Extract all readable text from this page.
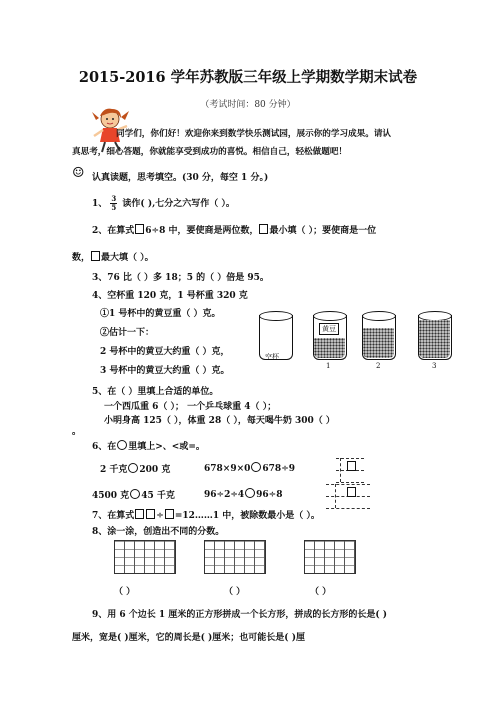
2015-2016 学年苏教版三年级上学期数学期末试卷
（考试时间：80 分钟）
同学们，你们好！欢迎你来到数学快乐测试园，展示你的学习成果。请认
真思考，细心答题，你就能享受到成功的喜悦。相信自己，轻松做题吧！
☺ 认真读题，思考填空。(30 分，每空 1 分。)
1、 $\frac{3}{5}$ 读作( ),七分之六写作（ ）。
2、在算式 6÷8 中，要使商是两位数， 最小填（ ）；要使商是一位
数， 最大填（ ）。
3、76 比（ ）多 18；5 的（ ）倍是 95。
4、空杯重 120 克，1 号杯重 320 克
①1 号杯中的黄豆重（ ）克。
②估计一下：
2 号杯中的黄豆大约重（ ）克，
3 号杯中的黄豆大约重（ ）克。
黄豆
空杯
1	2	3
5、在（ ）里填上合适的单位。
一个西瓜重 6（ ）； 一个乒乓球重 4（ ）；
小明身高 125（ ），体重 28（ ），每天喝牛奶 300（ ）
。
6、在 里填上>、<或=。
2 千克 200 克	678×9×0 678÷9
4500 克 45 千克	96÷2÷4 96÷8
7、在算式 ÷ =12……1 中，被除数最小是（ ）。
8、涂一涂，创造出不同的分数。
（ ）	（ ）	（ ）
9、用 6 个边长 1 厘米的正方形拼成一个长方形，拼成的长方形的长是( )
厘米，宽是( )厘米，它的周长是( )厘米；也可能长是( )厘
